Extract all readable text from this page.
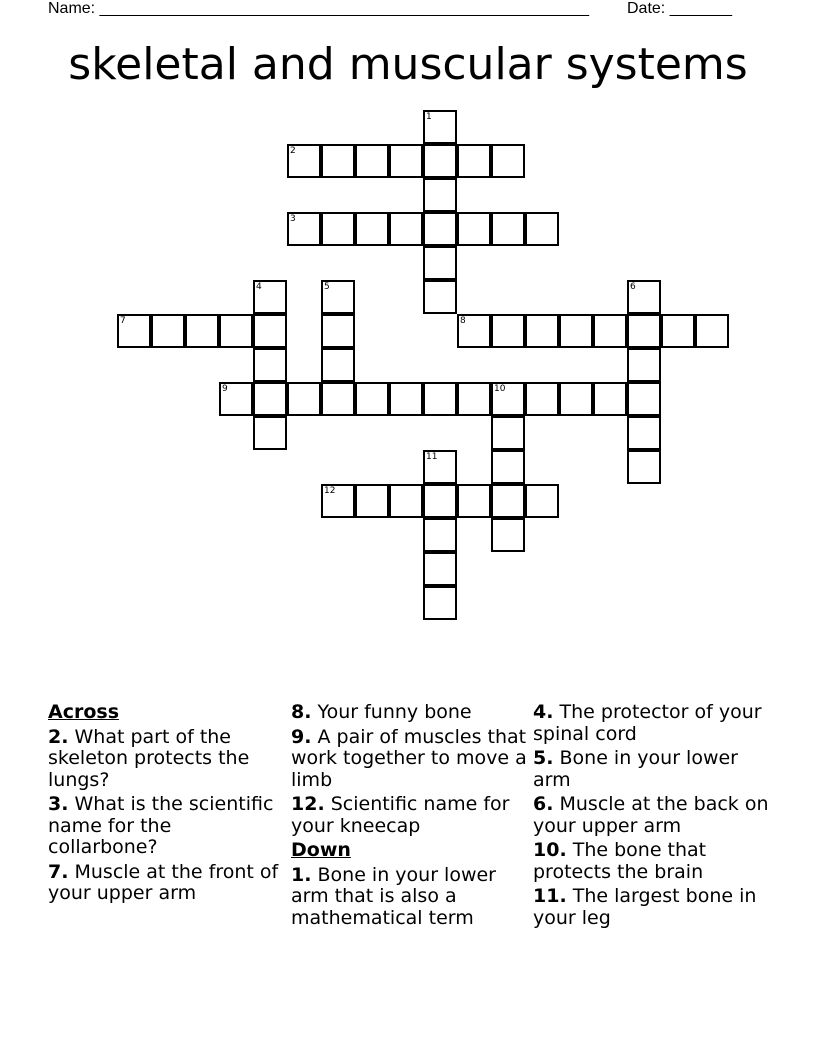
Name: _______________________________________________________ Date: _______
skeletal and muscular systems
1
2
3
4	5	6
7	8
9	10
11
12
Across
2. What part of the skeleton protects the lungs?
3. What is the scientific name for the collarbone?
7. Muscle at the front of your upper arm
8. Your funny bone
9. A pair of muscles that work together to move a limb
12. Scientific name for your kneecap
Down
1. Bone in your lower arm that is also a mathematical term
4. The protector of your spinal cord
5. Bone in your lower arm
6. Muscle at the back on your upper arm
10. The bone that protects the brain
11. The largest bone in your leg
